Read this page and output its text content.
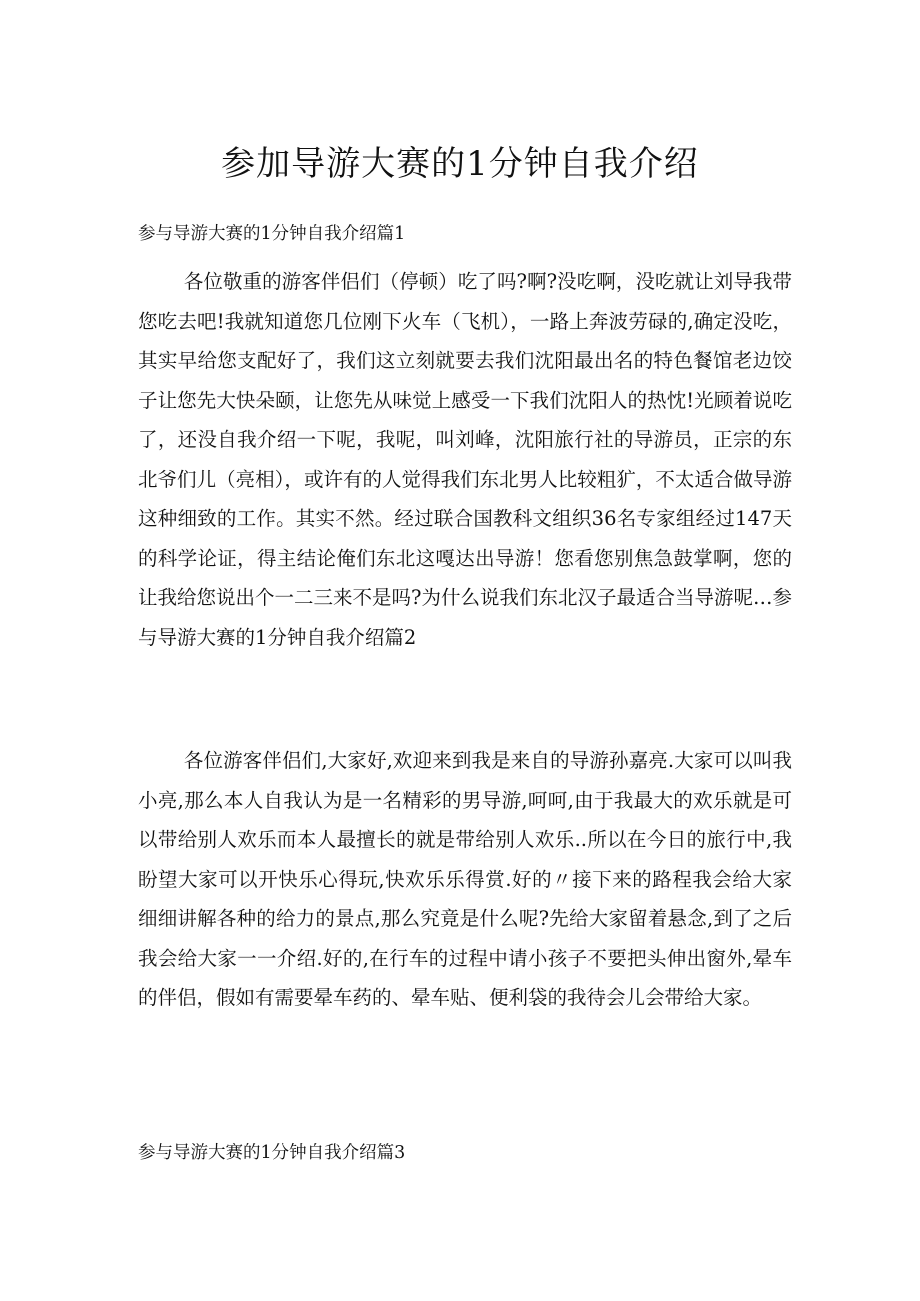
参加导游大赛的1分钟自我介绍

参与导游大赛的1分钟自我介绍篇1

各位敬重的游客伴侣们（停顿）吃了吗?啊?没吃啊，没吃就让刘导我带您吃去吧!我就知道您几位刚下火车（飞机），一路上奔波劳碌的,确定没吃，其实早给您支配好了，我们这立刻就要去我们沈阳最出名的特色餐馆老边饺子让您先大快朵颐，让您先从味觉上感受一下我们沈阳人的热忱!光顾着说吃了，还没自我介绍一下呢，我呢，叫刘峰，沈阳旅行社的导游员，正宗的东北爷们儿（亮相），或许有的人觉得我们东北男人比较粗犷，不太适合做导游这种细致的工作。其实不然。经过联合国教科文组织36名专家组经过147天的科学论证，得主结论俺们东北这嘎达出导游！您看您别焦急鼓掌啊，您的让我给您说出个一二三来不是吗?为什么说我们东北汉子最适合当导游呢…参与导游大赛的1分钟自我介绍篇2

各位游客伴侣们,大家好,欢迎来到我是来自的导游孙嘉亮.大家可以叫我小亮,那么本人自我认为是一名精彩的男导游,呵呵,由于我最大的欢乐就是可以带给别人欢乐而本人最擅长的就是带给别人欢乐..所以在今日的旅行中,我盼望大家可以开快乐心得玩,快欢乐乐得赏.好的〃接下来的路程我会给大家细细讲解各种的给力的景点,那么究竟是什么呢?先给大家留着悬念,到了之后我会给大家一一介绍.好的,在行车的过程中请小孩子不要把头伸出窗外,晕车的伴侣，假如有需要晕车药的、晕车贴、便利袋的我待会儿会带给大家。

参与导游大赛的1分钟自我介绍篇3
